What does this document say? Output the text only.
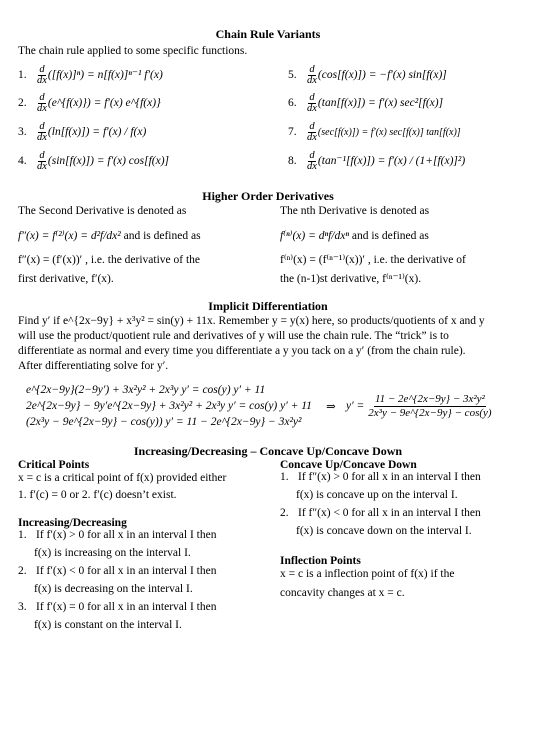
Chain Rule Variants
The chain rule applied to some specific functions.
1. $\frac{d}{dx} ([f(x)]^n) = n[f(x)]^{n-1}$ f′(x)
2. $\frac{d}{dx}$ (e^{f(x)}) = f′(x) e^{f(x)}
3. $\frac{d}{dx} (\ln[f(x)]) = f'(x) / f(x)$
4. $\frac{d}{dx} (\sin[f(x)]) = f'(x)$ cos[f(x)]
5. $\frac{d}{dx} (\cos[f(x)]) = -f'(x)$ sin[f(x)]
6. $\frac{d}{dx} (\tan[f(x)]) = f'(x)$ sec²[f(x)]
7. $\frac{d}{dx} (\sec[f(x)]) = f'(x)$ sec[f(x)] tan[f(x)]
8. $\frac{d}{dx} (\tan^{-1}[f(x)]) = f'(x) / (1+[f(x)]^2)$
Higher Order Derivatives
The Second Derivative is denoted as
f″(x) = f⁽²⁾(x) = d²f/dx² and is defined as
f″(x) = (f′(x))′ , i.e. the derivative of the
first derivative, f′(x).
The nth Derivative is denoted as
f⁽ⁿ⁾(x) = dⁿf/dxⁿ and is defined as
f⁽ⁿ⁾(x) = (f⁽ⁿ⁻¹⁾(x))′ , i.e. the derivative of
the (n-1)st derivative, f⁽ⁿ⁻¹⁾(x).
Implicit Differentiation
Find y′ if e^{2x−9y} + x³y² = sin(y) + 11x. Remember y = y(x) here, so products/quotients of x and y
will use the product/quotient rule and derivatives of y will use the chain rule. The “trick” is to
differentiate as normal and every time you differentiate a y you tack on a y′ (from the chain rule).
After differentiating solve for y′.
e^{2x−9y}(2−9y′) + 3x²y² + 2x³y y′ = cos(y) y′ + 11
2e^{2x−9y} − 9y′e^{2x−9y} + 3x²y² + 2x³y y′ = cos(y) y′ + 11
(2x³y − 9e^{2x−9y} − cos(y)) y′ = 11 − 2e^{2x−9y} − 3x²y²
⇒ $y' = \frac{\text{11 − 2e\textasciicircum{}\{2x−9y\} − 3x²y²}}{\text{2x³y − 9e\textasciicircum{}\{2x−9y\} − cos(y)}}$
Increasing/Decreasing – Concave Up/Concave Down
Critical Points
x = c is a critical point of f(x) provided either
1. f′(c) = 0 or 2. f′(c) doesn’t exist.
Increasing/Decreasing
1. If f′(x) > 0 for all x in an interval I then
f(x) is increasing on the interval I.
2. If f′(x) < 0 for all x in an interval I then
f(x) is decreasing on the interval I.
3. If f′(x) = 0 for all x in an interval I then
f(x) is constant on the interval I.
Concave Up/Concave Down
1. If f″(x) > 0 for all x in an interval I then
f(x) is concave up on the interval I.
2. If f″(x) < 0 for all x in an interval I then
f(x) is concave down on the interval I.
Inflection Points
x = c is a inflection point of f(x) if the
concavity changes at x = c.
